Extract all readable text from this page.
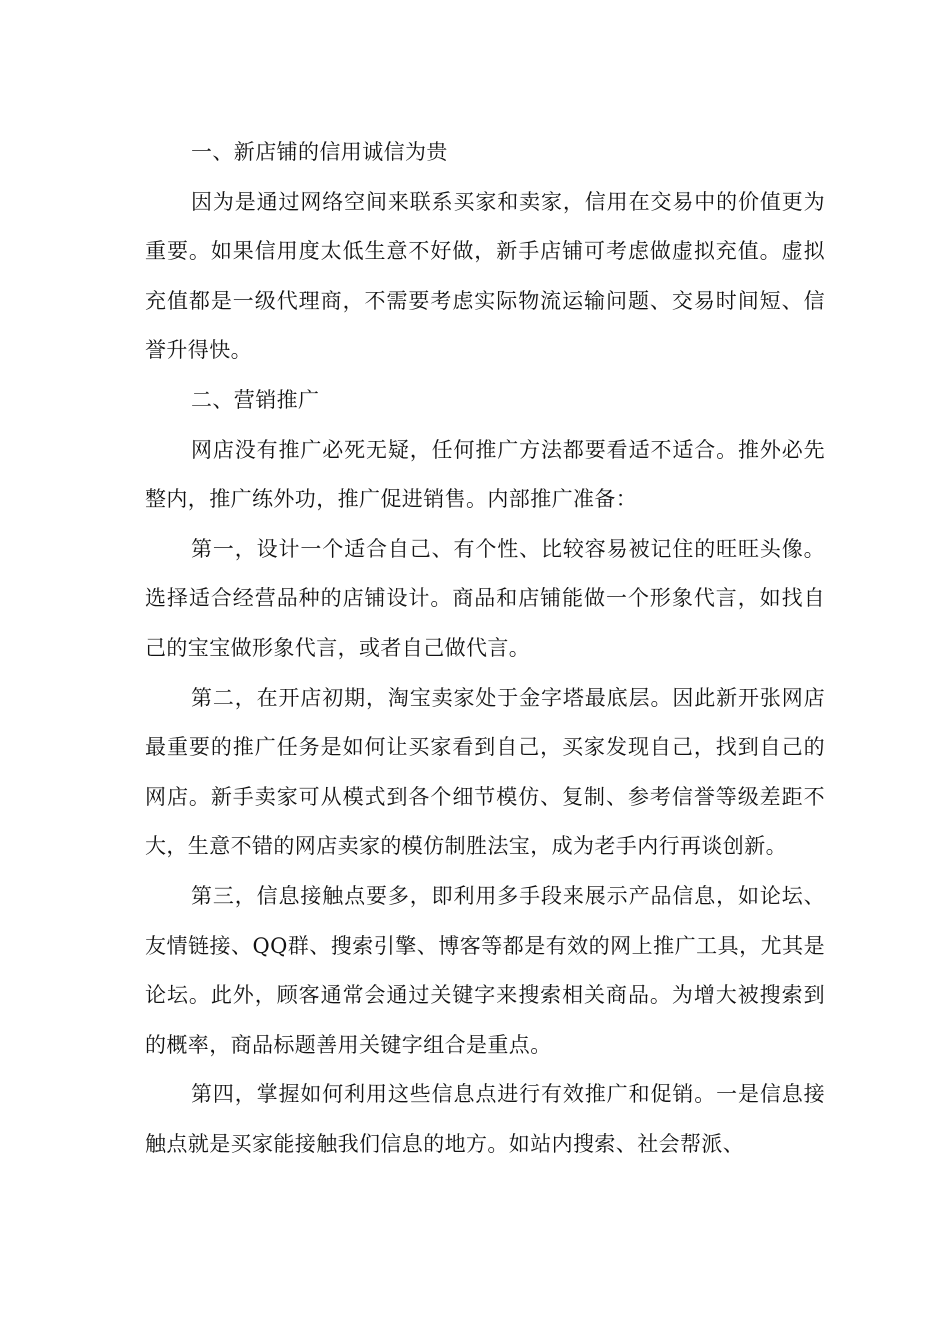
一、新店铺的信用诚信为贵

因为是通过网络空间来联系买家和卖家，信用在交易中的价值更为重要。如果信用度太低生意不好做，新手店铺可考虑做虚拟充值。虚拟充值都是一级代理商，不需要考虑实际物流运输问题、交易时间短、信誉升得快。

二、营销推广

网店没有推广必死无疑，任何推广方法都要看适不适合。推外必先整内，推广练外功，推广促进销售。内部推广准备：

第一，设计一个适合自己、有个性、比较容易被记住的旺旺头像。选择适合经营品种的店铺设计。商品和店铺能做一个形象代言，如找自己的宝宝做形象代言，或者自己做代言。

第二，在开店初期，淘宝卖家处于金字塔最底层。因此新开张网店最重要的推广任务是如何让买家看到自己，买家发现自己，找到自己的网店。新手卖家可从模式到各个细节模仿、复制、参考信誉等级差距不大，生意不错的网店卖家的模仿制胜法宝，成为老手内行再谈创新。

第三，信息接触点要多，即利用多手段来展示产品信息，如论坛、友情链接、QQ群、搜索引擎、博客等都是有效的网上推广工具，尤其是论坛。此外，顾客通常会通过关键字来搜索相关商品。为增大被搜索到的概率，商品标题善用关键字组合是重点。

第四，掌握如何利用这些信息点进行有效推广和促销。一是信息接触点就是买家能接触我们信息的地方。如站内搜索、社会帮派、
